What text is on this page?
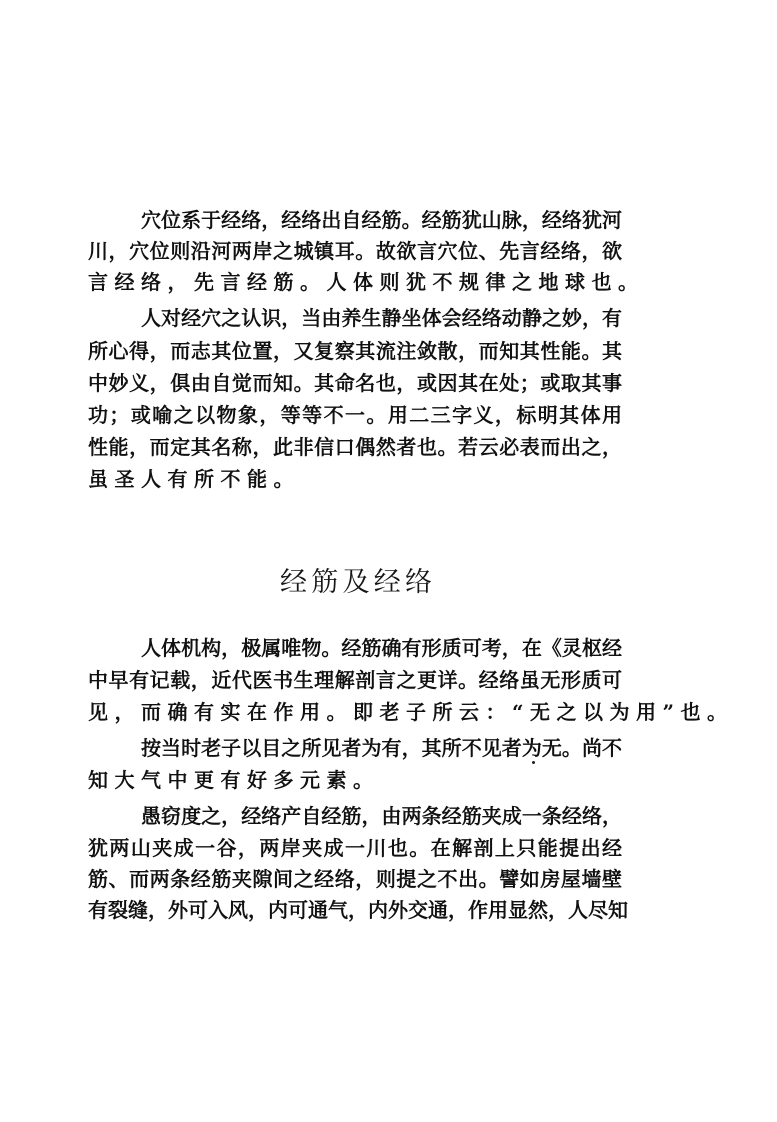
穴位系于经络，经络出自经筋。经筋犹山脉，经络犹河
川，穴位则沿河两岸之城镇耳。故欲言穴位、先言经络，欲
言经络，先言经筋。人体则犹不规律之地球也。
人对经穴之认识，当由养生静坐体会经络动静之妙，有
所心得，而志其位置，又复察其流注敛散，而知其性能。其
中妙义，俱由自觉而知。其命名也，或因其在处；或取其事
功；或喻之以物象，等等不一。用二三字义，标明其体用
性能，而定其名称，此非信口偶然者也。若云必表而出之，
虽圣人有所不能。
经筋及经络
人体机构，极属唯物。经筋确有形质可考，在《灵枢经
中早有记载，近代医书生理解剖言之更详。经络虽无形质可
见，而确有实在作用。即老子所云：“无之以为用”也。
按当时老子以目之所见者为有，其所不见者为无。尚不
知大气中更有好多元素。
愚窃度之，经络产自经筋，由两条经筋夹成一条经络，
犹两山夹成一谷，两岸夹成一川也。在解剖上只能提出经
筋、而两条经筋夹隙间之经络，则提之不出。譬如房屋墙壁
有裂缝，外可入风，内可通气，内外交通，作用显然，人尽知
